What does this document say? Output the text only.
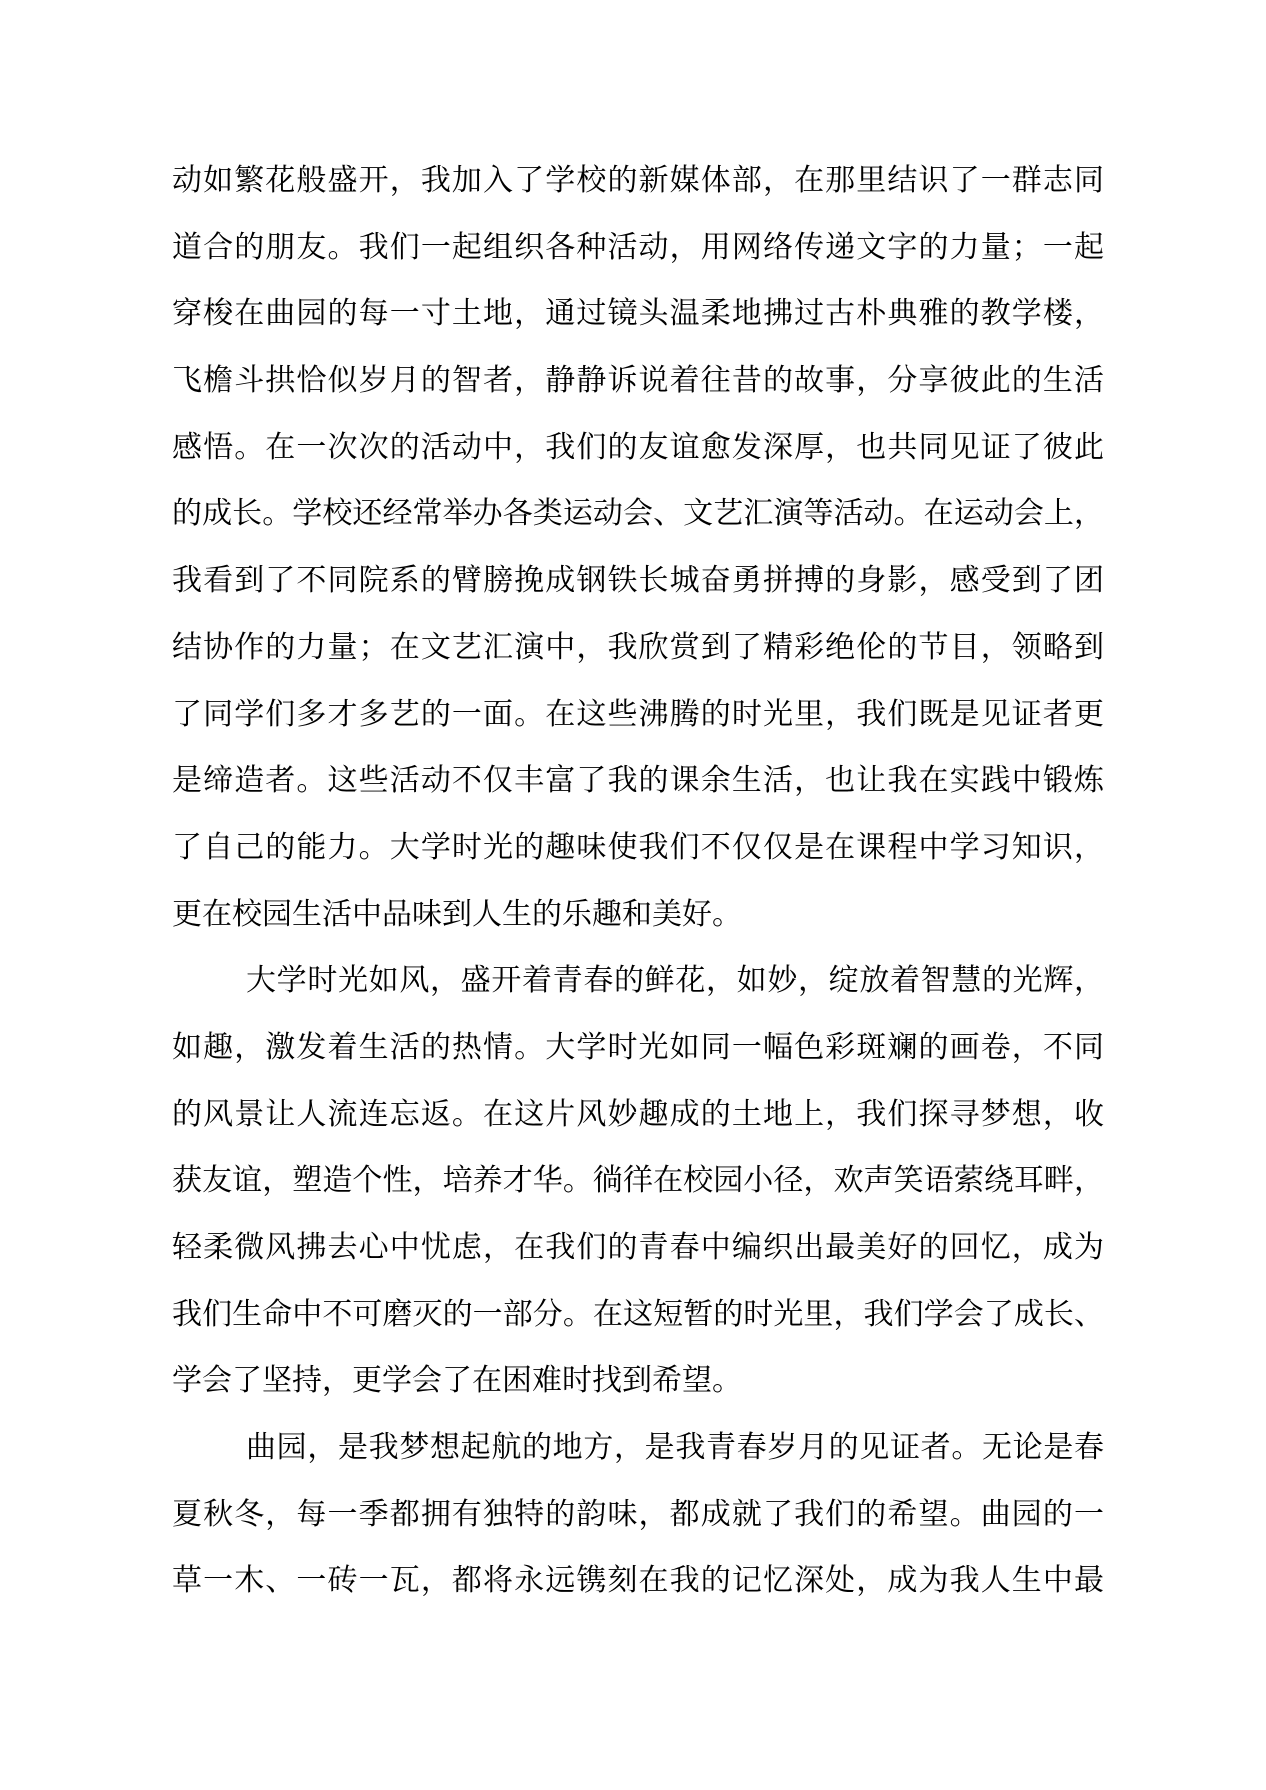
动如繁花般盛开，我加入了学校的新媒体部，在那里结识了一群志同
道合的朋友。我们一起组织各种活动，用网络传递文字的力量；一起
穿梭在曲园的每一寸土地，通过镜头温柔地拂过古朴典雅的教学楼，
飞檐斗拱恰似岁月的智者，静静诉说着往昔的故事，分享彼此的生活
感悟。在一次次的活动中，我们的友谊愈发深厚，也共同见证了彼此
的成长。学校还经常举办各类运动会、文艺汇演等活动。在运动会上，
我看到了不同院系的臂膀挽成钢铁长城奋勇拼搏的身影，感受到了团
结协作的力量；在文艺汇演中，我欣赏到了精彩绝伦的节目，领略到
了同学们多才多艺的一面。在这些沸腾的时光里，我们既是见证者更
是缔造者。这些活动不仅丰富了我的课余生活，也让我在实践中锻炼
了自己的能力。大学时光的趣味使我们不仅仅是在课程中学习知识，
更在校园生活中品味到人生的乐趣和美好。
大学时光如风，盛开着青春的鲜花，如妙，绽放着智慧的光辉，
如趣，激发着生活的热情。大学时光如同一幅色彩斑斓的画卷，不同
的风景让人流连忘返。在这片风妙趣成的土地上，我们探寻梦想，收
获友谊，塑造个性，培养才华。徜徉在校园小径，欢声笑语萦绕耳畔，
轻柔微风拂去心中忧虑，在我们的青春中编织出最美好的回忆，成为
我们生命中不可磨灭的一部分。在这短暂的时光里，我们学会了成长、
学会了坚持，更学会了在困难时找到希望。
曲园，是我梦想起航的地方，是我青春岁月的见证者。无论是春
夏秋冬，每一季都拥有独特的韵味，都成就了我们的希望。曲园的一
草一木、一砖一瓦，都将永远镌刻在我的记忆深处，成为我人生中最
